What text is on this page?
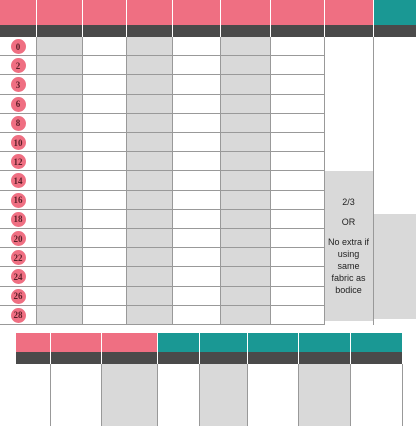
0
2
3
6
8
10
12
14
16
18
20
22
24
26
28
2/3
OR
No extra if using same fabric as bodice
